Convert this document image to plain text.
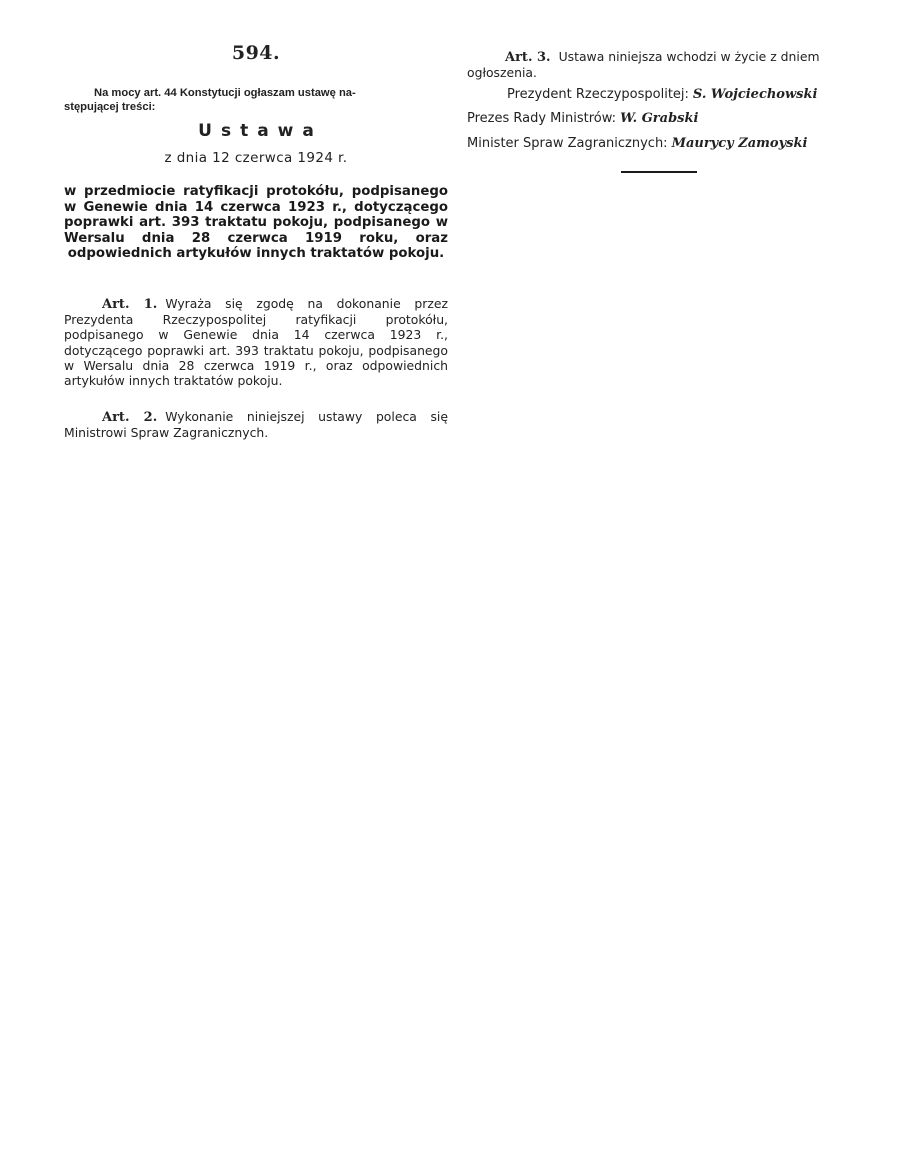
594.
Na mocy art. 44 Konstytucji ogłaszam ustawę na-
stępującej treści:
Ustawa
z dnia 12 czerwca 1924 r.
w przedmiocie ratyfikacji protokółu, podpisanego w Genewie dnia 14 czerwca 1923 r., dotyczącego poprawki art. 393 traktatu pokoju, podpisanego w Wersalu dnia 28 czerwca 1919 roku, oraz odpowiednich artykułów innych traktatów pokoju.
Art. 1. Wyraża się zgodę na dokonanie przez Prezydenta Rzeczypospolitej ratyfikacji protokółu, podpisanego w Genewie dnia 14 czerwca 1923 r., dotyczącego poprawki art. 393 traktatu pokoju, podpisanego w Wersalu dnia 28 czerwca 1919 r., oraz odpowiednich artykułów innych traktatów pokoju.
Art. 2. Wykonanie niniejszej ustawy poleca się Ministrowi Spraw Zagranicznych.
Art. 3. Ustawa niniejsza wchodzi w życie z dniem
ogłoszenia.
Prezydent Rzeczypospolitej: S. Wojciechowski
Prezes Rady Ministrów: W. Grabski
Minister Spraw Zagranicznych: Maurycy Zamoyski
